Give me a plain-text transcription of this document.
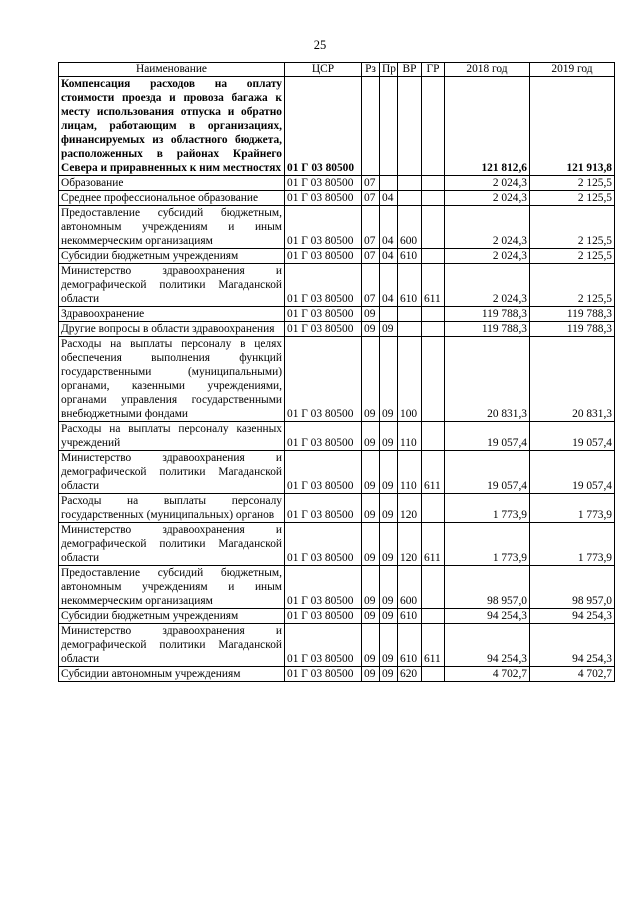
25
Наименование	ЦСР	Рз	Пр	ВР	ГР	2018 год	2019 год
Компенсация расходов на оплату стоимости проезда и провоза багажа к месту использования отпуска и обратно лицам, работающим в организациях, финансируемых из областного бюджета, расположенных в районах Крайнего Севера и приравненных к ним местностях	01 Г 03 80500					121 812,6	121 913,8
Образование	01 Г 03 80500	07				2 024,3	2 125,5
Среднее профессиональное образование	01 Г 03 80500	07	04			2 024,3	2 125,5
Предоставление субсидий бюджетным, автономным учреждениям и иным некоммерческим организациям	01 Г 03 80500	07	04	600		2 024,3	2 125,5
Субсидии бюджетным учреждениям	01 Г 03 80500	07	04	610		2 024,3	2 125,5
Министерство здравоохранения и демографической политики Магаданской области	01 Г 03 80500	07	04	610	611	2 024,3	2 125,5
Здравоохранение	01 Г 03 80500	09				119 788,3	119 788,3
Другие вопросы в области здравоохранения	01 Г 03 80500	09	09			119 788,3	119 788,3
Расходы на выплаты персоналу в целях обеспечения выполнения функций государственными (муниципальными) органами, казенными учреждениями, органами управления государственными внебюджетными фондами	01 Г 03 80500	09	09	100		20 831,3	20 831,3
Расходы на выплаты персоналу казенных учреждений	01 Г 03 80500	09	09	110		19 057,4	19 057,4
Министерство здравоохранения и демографической политики Магаданской области	01 Г 03 80500	09	09	110	611	19 057,4	19 057,4
Расходы на выплаты персоналу государственных (муниципальных) органов	01 Г 03 80500	09	09	120		1 773,9	1 773,9
Министерство здравоохранения и демографической политики Магаданской области	01 Г 03 80500	09	09	120	611	1 773,9	1 773,9
Предоставление субсидий бюджетным, автономным учреждениям и иным некоммерческим организациям	01 Г 03 80500	09	09	600		98 957,0	98 957,0
Субсидии бюджетным учреждениям	01 Г 03 80500	09	09	610		94 254,3	94 254,3
Министерство здравоохранения и демографической политики Магаданской области	01 Г 03 80500	09	09	610	611	94 254,3	94 254,3
Субсидии автономным учреждениям	01 Г 03 80500	09	09	620		4 702,7	4 702,7
